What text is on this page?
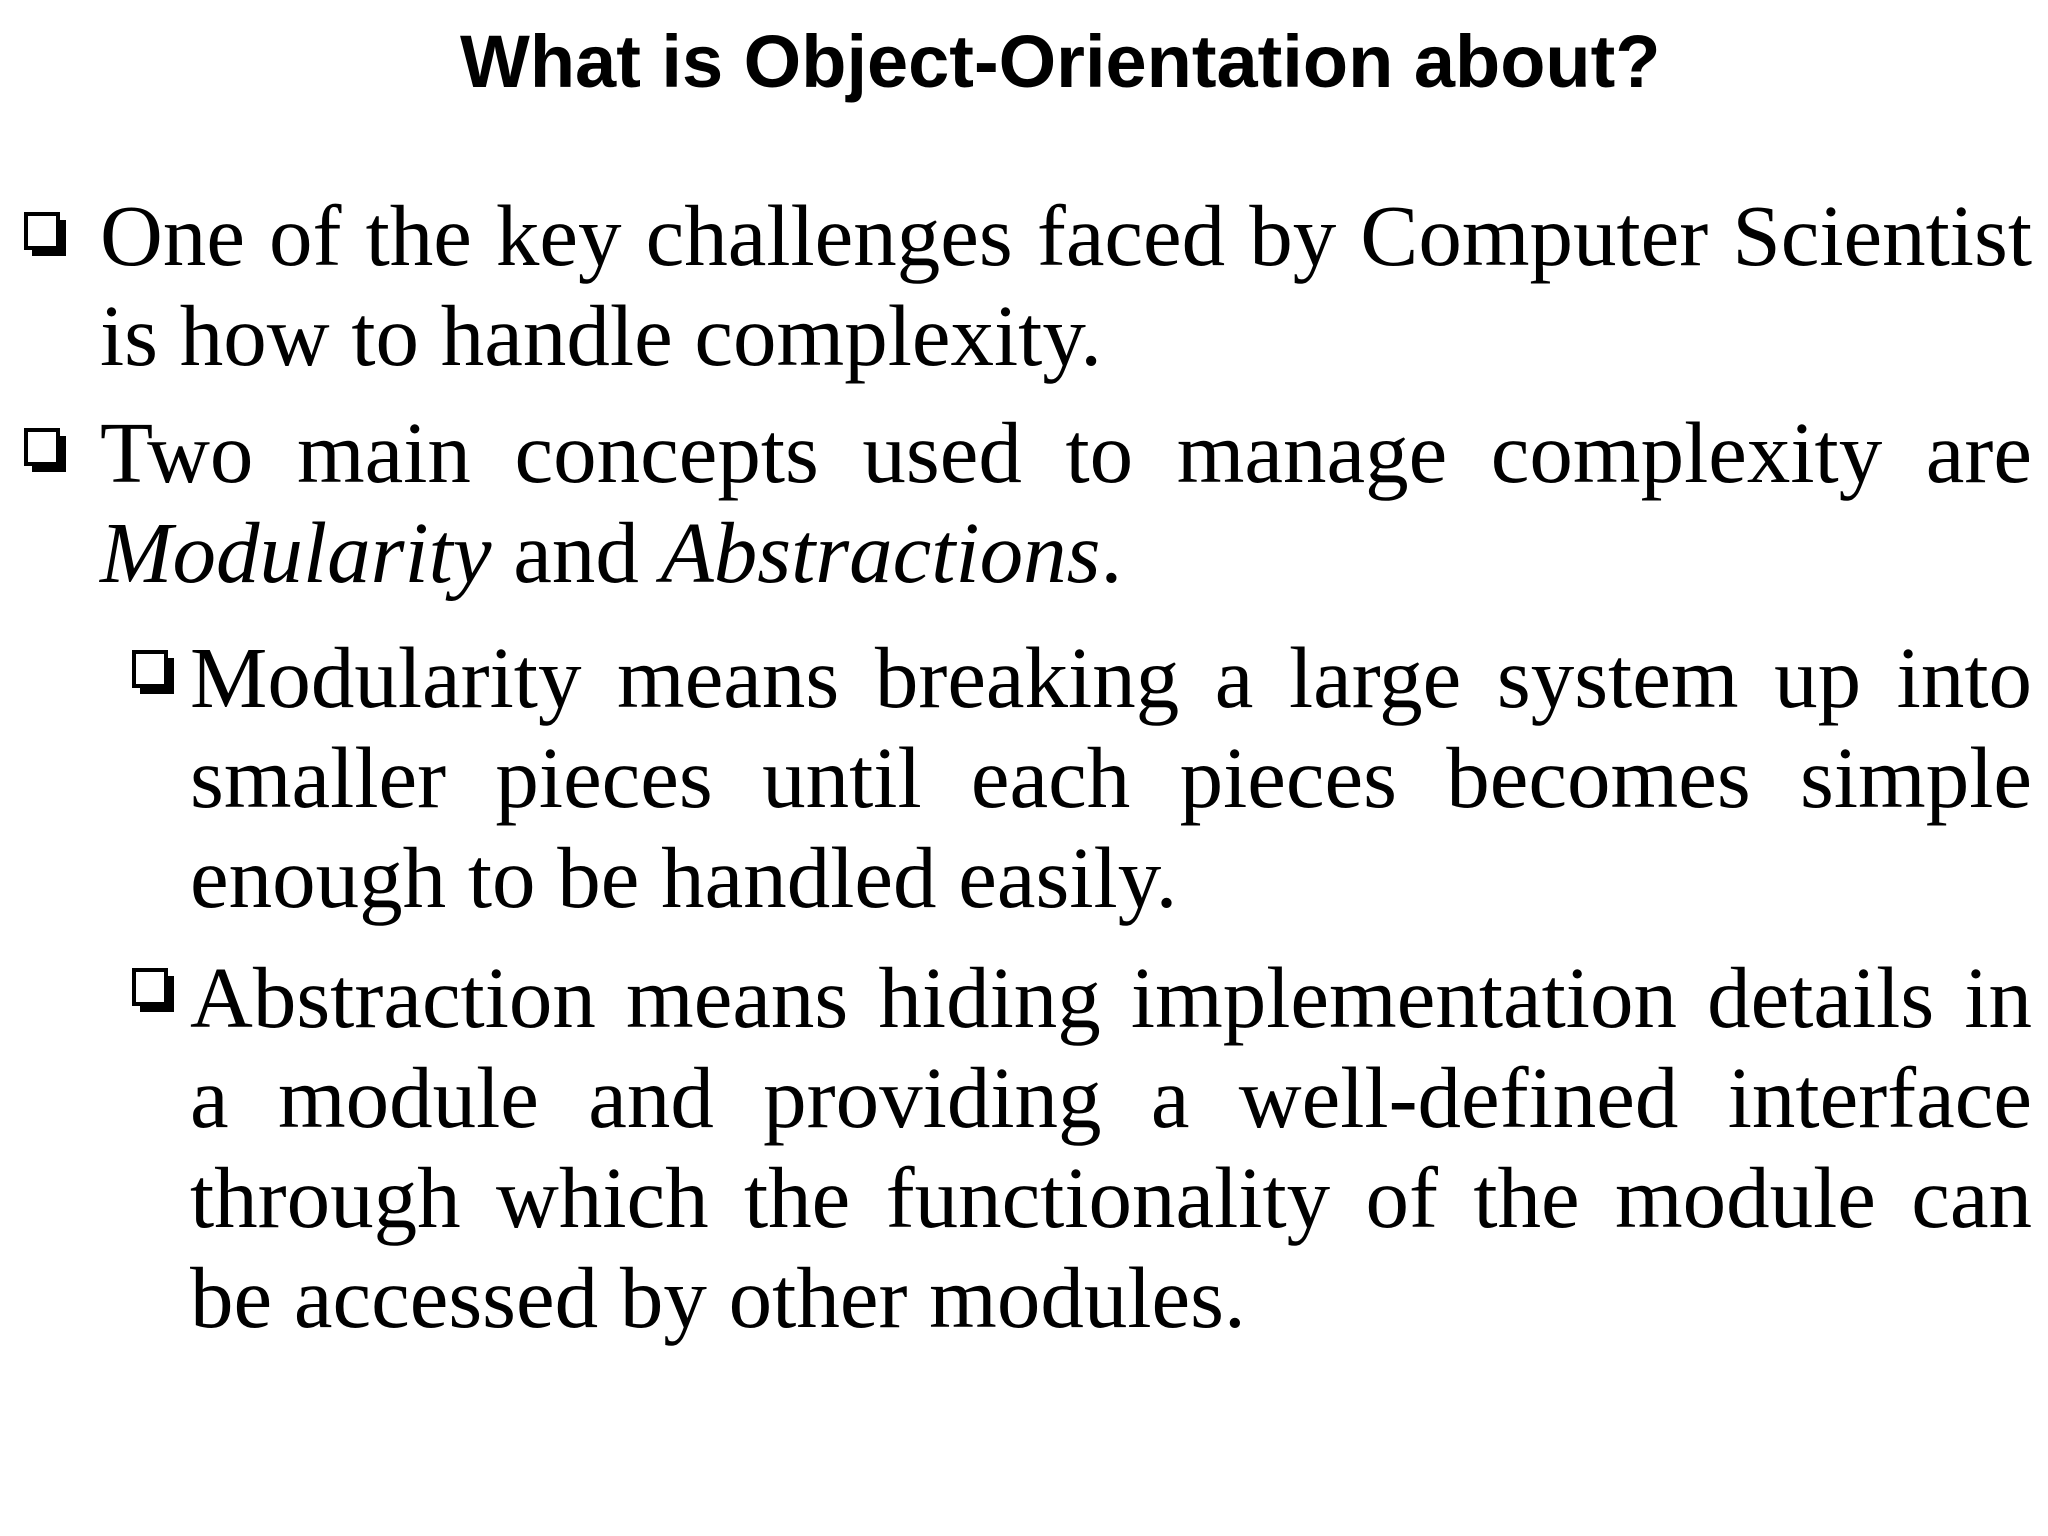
What is Object-Orientation about?
One of the key challenges faced by Computer Scientist is how to handle complexity.
Two main concepts used to manage complexity are Modularity and Abstractions.
Modularity means breaking a large system up into smaller pieces until each pieces becomes simple enough to be handled easily.
Abstraction means hiding implementation details in a module and providing a well-defined interface through which the functionality of the module can be accessed by other modules.
